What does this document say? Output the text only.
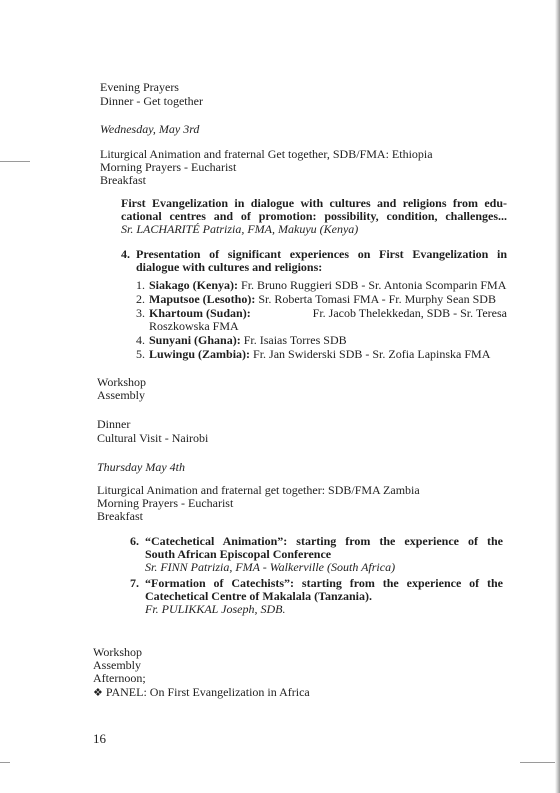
Evening Prayers
Dinner - Get together
Wednesday, May 3rd
Liturgical Animation and fraternal Get together, SDB/FMA: Ethiopia
Morning Prayers - Eucharist
Breakfast
First Evangelization in dialogue with cultures and religions from edu-
cational centres and of promotion: possibility, condition, challenges...
Sr. LACHARITÉ Patrizia, FMA, Makuyu (Kenya)
4. Presentation of significant experiences on First Evangelization in
dialogue with cultures and religions:
1. Siakago (Kenya): Fr. Bruno Ruggieri SDB - Sr. Antonia Scomparin FMA
2. Maputsoe (Lesotho): Sr. Roberta Tomasi FMA - Fr. Murphy Sean SDB
3. Khartoum (Sudan):	Fr. Jacob Thelekkedan, SDB - Sr. Teresa
Roszkowska FMA
4. Sunyani (Ghana): Fr. Isaias Torres SDB
5. Luwingu (Zambia): Fr. Jan Swiderski SDB - Sr. Zofia Lapinska FMA
Workshop
Assembly
Dinner
Cultural Visit - Nairobi
Thursday May 4th
Liturgical Animation and fraternal get together: SDB/FMA Zambia
Morning Prayers - Eucharist
Breakfast
6. “Catechetical Animation”: starting from the experience of the
South African Episcopal Conference
Sr. FINN Patrizia, FMA - Walkerville (South Africa)
7. “Formation of Catechists”: starting from the experience of the
Catechetical Centre of Makalala (Tanzania).
Fr. PULIKKAL Joseph, SDB.
Workshop
Assembly
Afternoon;
❖ PANEL: On First Evangelization in Africa
16
